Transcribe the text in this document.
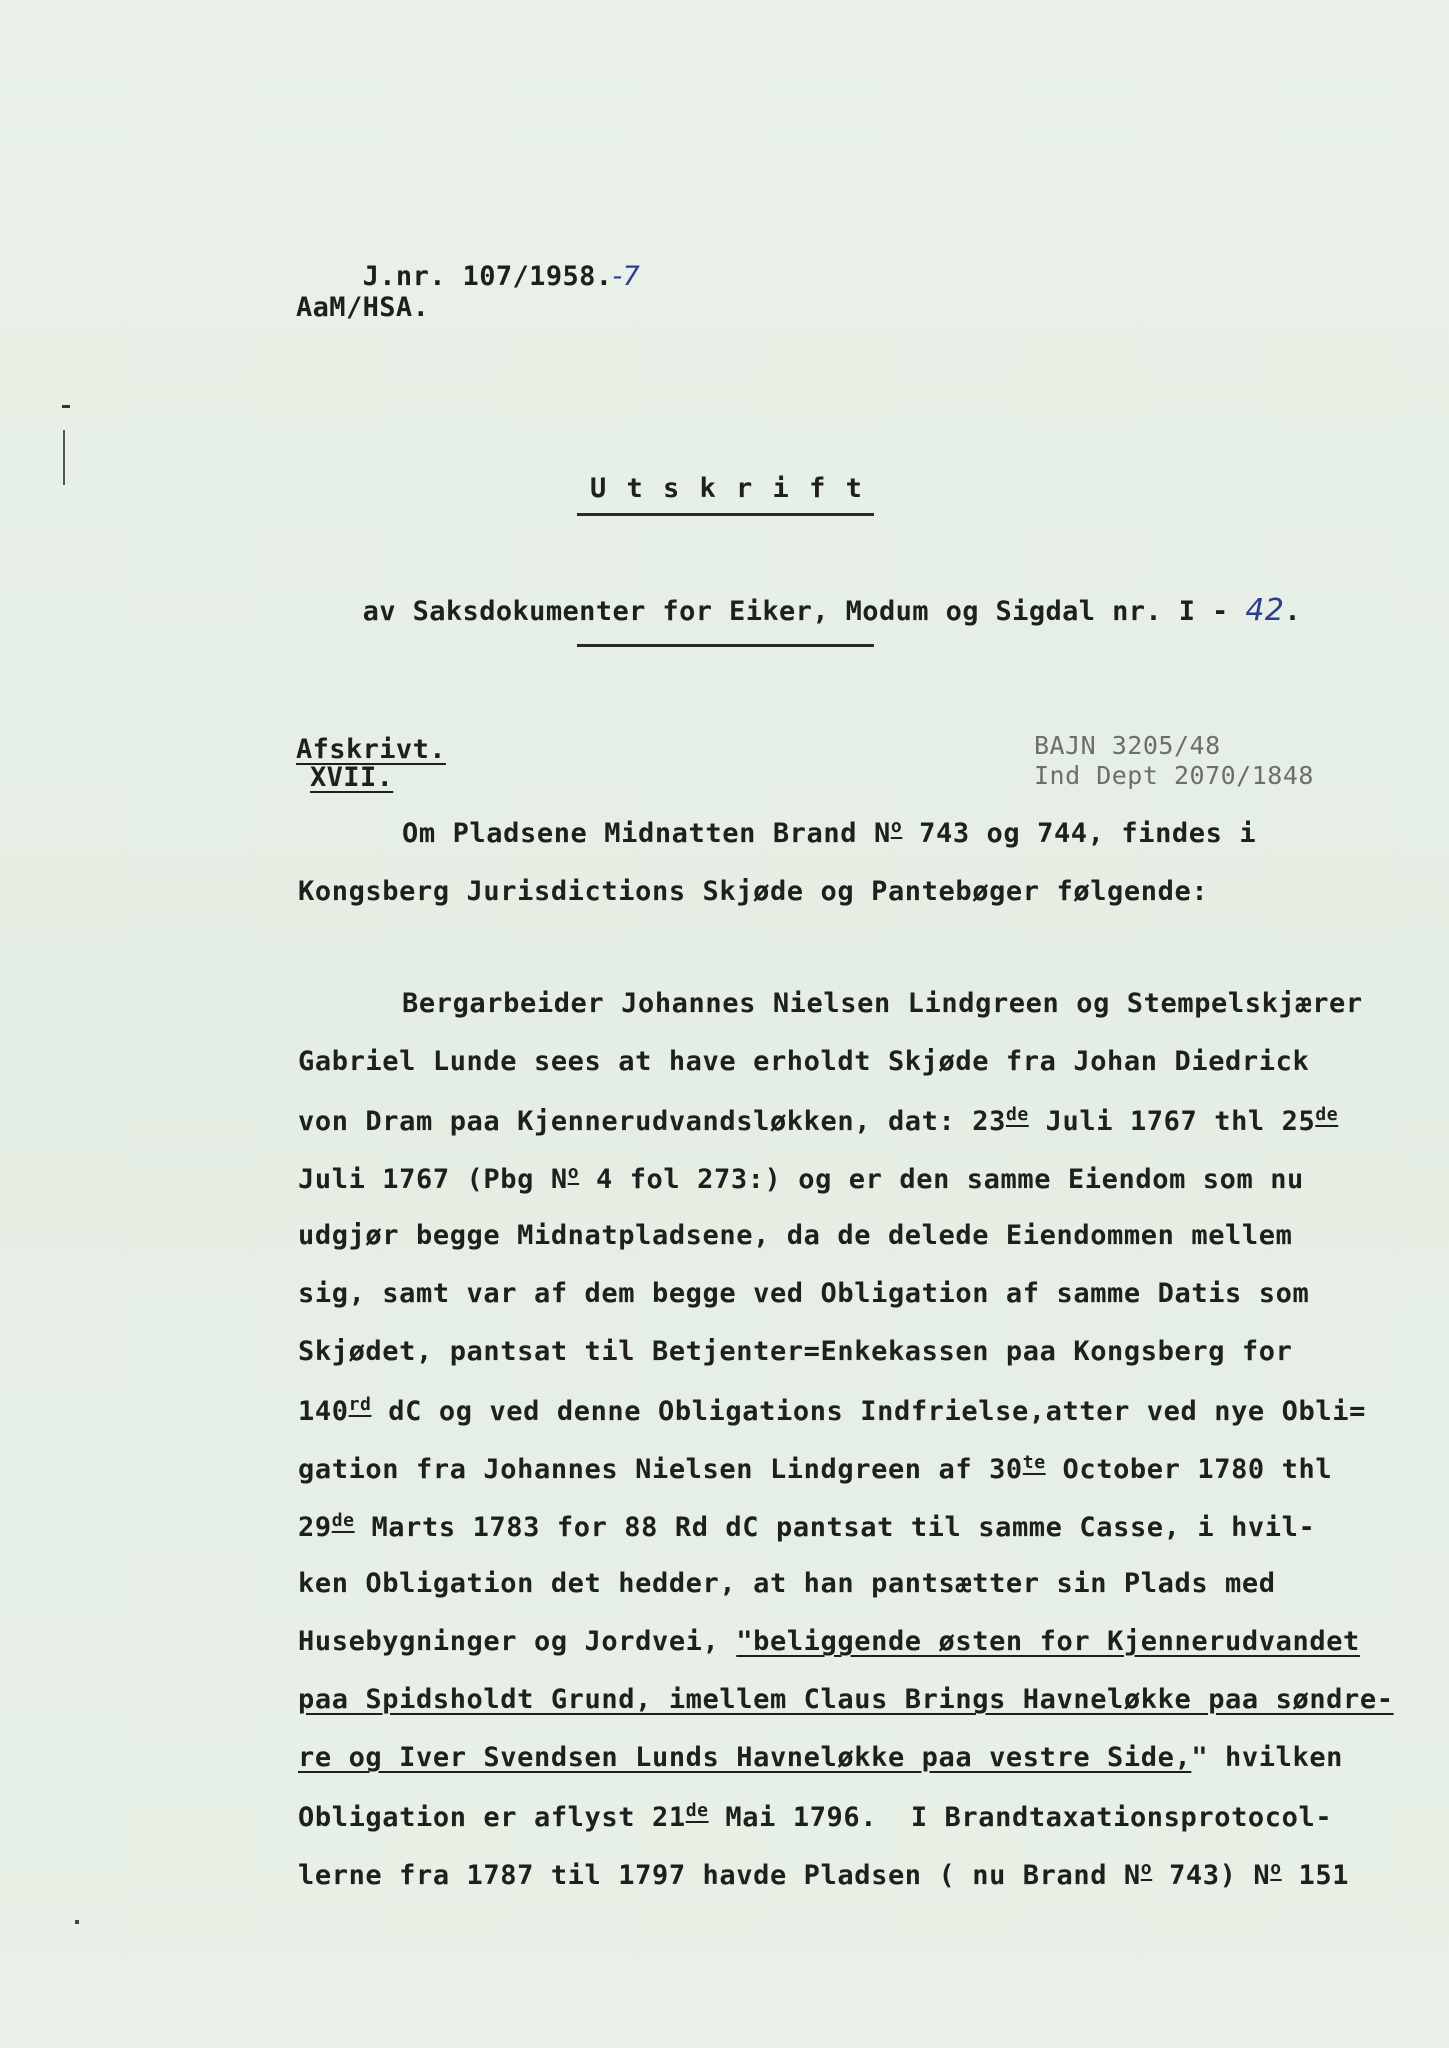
J.nr. 107/1958.-7

AaM/HSA.
U t s k r i f t

av Saksdokumenter for Eiker, Modum og Sigdal nr. I - 42.

Afskrivt.
XVII.
BAJN 3205/48
Ind Dept 2070/1848
Om Pladsene Midnatten Brand $N^o$ 743 og 744, findes i
Kongsberg Jurisdictions Skjøde og Pantebøger følgende:
Bergarbeider Johannes Nielsen Lindgreen og Stempelskjærer
Gabriel Lunde sees at have erholdt Skjøde fra Johan Diedrick
von Dram paa Kjennerudvandsløkken, dat: 23de Juli 1767 thl 25de
Juli 1767 (Pbg $N^o$ 4 fol 273:) og er den samme Eiendom som nu
udgjør begge Midnatpladsene, da de delede Eiendommen mellem
sig, samt var af dem begge ved Obligation af samme Datis som
Skjødet, pantsat til Betjenter=Enkekassen paa Kongsberg for
140rd dC og ved denne Obligations Indfrielse,atter ved nye Obli=
gation fra Johannes Nielsen Lindgreen af $30^{te}$ October 1780 thl
29de Marts 1783 for 88 Rd dC pantsat til samme Casse, i hvil-
ken Obligation det hedder, at han pantsætter sin Plads med
Husebygninger og Jordvei, "beliggende østen for Kjennerudvandet
paa Spidsholdt Grund, imellem Claus Brings Havneløkke paa søndre-
re og Iver Svendsen Lunds Havneløkke paa vestre Side," hvilken
Obligation er aflyst 21de Mai 1796.  I Brandtaxationsprotocol-
lerne fra 1787 til 1797 havde Pladsen ( nu Brand $N^o$ 743) $N^o$ 151
